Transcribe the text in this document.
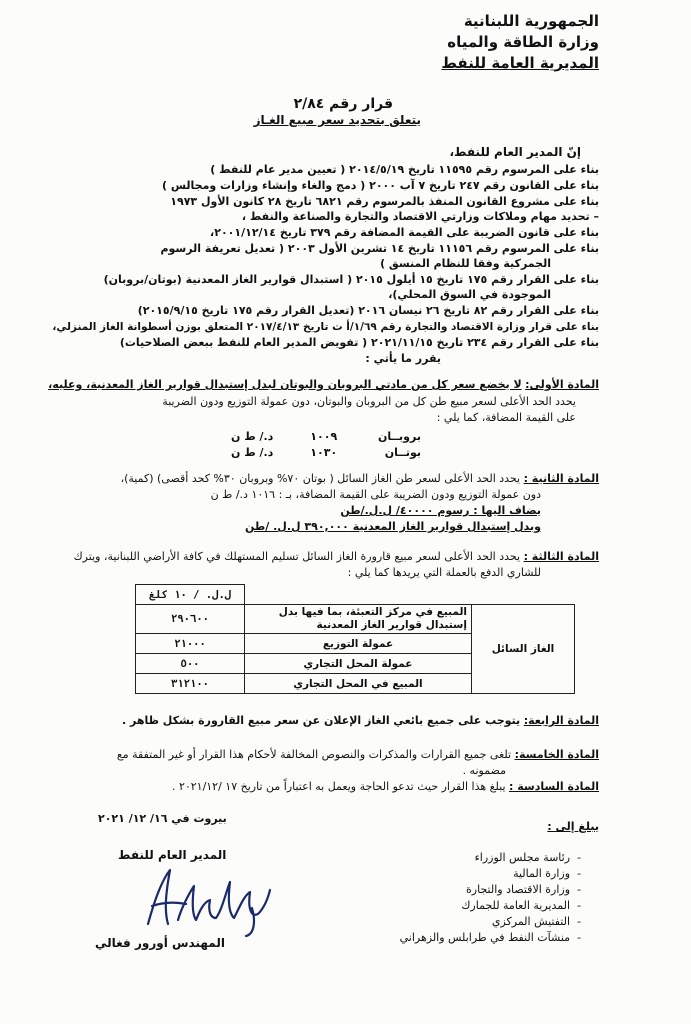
الجمهورية اللبنانية
وزارة الطاقة والمياه
المديرية العامة للنفط
قرار رقم ٢/٨٤
يتعلق بتحديد سعر مبيع الغـاز
إنّ المدير العام للنفط،
بناء على المرسوم رقم ١١٥٩٥ تاريخ ٢٠١٤/٥/١٩ ( تعيين مدير عام للنفط )
بناء على القانون رقم ٢٤٧ تاريخ ٧ آب ٢٠٠٠ ( دمج والغاء وإنشاء وزارات ومجالس )
بناء على مشروع القانون المنفذ بالمرسوم رقم ٦٨٢١ تاريخ ٢٨ كانون الأول ١٩٧٣
– تحديد مهام وملاكات وزارتي الاقتصاد والتجارة والصناعة والنفط ،
بناء على قانون الضريبة على القيمة المضافة رقم ٣٧٩ تاريخ ٢٠٠١/١٢/١٤،
بناء على المرسوم رقم ١١١٥٦ تاريخ ١٤ تشرين الأول ٢٠٠٣ ( تعديل تعريفة الرسوم
الجمركية وفقا للنظام المنسق )
بناء على القرار رقم ١٧٥ تاريخ ١٥ أيلول ٢٠١٥ ( استبدال قوارير الغاز المعدنية (بوتان/بروبان)
الموجودة في السوق المحلي)،
بناء على القرار رقم ٨٢ تاريخ ٢٦ نيسان ٢٠١٦ (تعديل القرار رقم ١٧٥ تاريخ ٢٠١٥/٩/١٥)
بناء على قرار وزارة الاقتصاد والتجارة رقم ١/٦٩/أ ت تاريخ ٢٠١٧/٤/١٣ المتعلق بوزن أسطوانة الغاز المنزلي،
بناء على القرار رقم ٢٣٤ تاريخ ٢٠٢١/١١/١٥ ( تفويض المدير العام للنفط ببعض الصلاحيات)
يقرر ما يأتي :
المادة الأولى: لا يخضع سعر كل من مادتي البروبان والبوتان لبدل إستبدال قوارير الغاز المعدنية، وعليه،
يحدد الحد الأعلى لسعر مبيع طن كل من البروبان والبوتان، دون عمولة التوزيع ودون الضريبة
على القيمة المضافة، كما يلي :
بروبــان ١٠٠٩ د./ ط ن
بوتــان ١٠٣٠ د./ ط ن
المادة الثانية : يحدد الحد الأعلى لسعر طن الغاز السائل ( بوتان ٧٠% وبروبان ٣٠% كحد أقصى) (كمية)،
دون عمولة التوزيع ودون الضريبة على القيمة المضافة، بـ : ١٠١٦ د./ ط ن
يضاف اليها : رسوم ٤٠٠٠٠/ ل.ل./طن
وبدل إستبدال قوارير الغاز المعدنية ٣٩٠,٠٠٠ ل.ل. /طن
المادة الثالثة : يحدد الحد الأعلى لسعر مبيع قارورة الغاز السائل تسليم المستهلك في كافة الأراضي اللبنانية، ويترك
للشاري الدفع بالعملة التي يريدها كما يلي :
		ل.ل. / ١٠ كلغ
الغاز السائل	المبيع في مركز التعبئة، بما فيها بدل إستبدال قوارير الغاز المعدنية	٢٩٠٦٠٠
	عمولة التوزيع	٢١٠٠٠
	عمولة المحل التجاري	٥٠٠
	المبيع في المحل التجاري	٣١٢١٠٠
المادة الرابعة: يتوجب على جميع بائعي الغاز الإعلان عن سعر مبيع القارورة بشكل ظاهر .
المادة الخامسة: تلغى جميع القرارات والمذكرات والنصوص المخالفة لأحكام هذا القرار أو غير المتفقة مع
مضمونه .
المادة السادسة : يبلغ هذا القرار حيث تدعو الحاجة ويعمل به اعتباراً من تاريخ ١٧ /٢٠٢١/١٢ .
بيروت في ١٦/ ١٢/ ٢٠٢١
يبلغ إلى :
-  رئاسة مجلس الوزراء
-  وزارة المالية
-  وزارة الاقتصاد والتجارة
-  المديرية العامة للجمارك
-  التفتيش المركزي
-  منشآت النفط في طرابلس والزهراني
المدير العام للنفط
المهندس أورور فغالي
